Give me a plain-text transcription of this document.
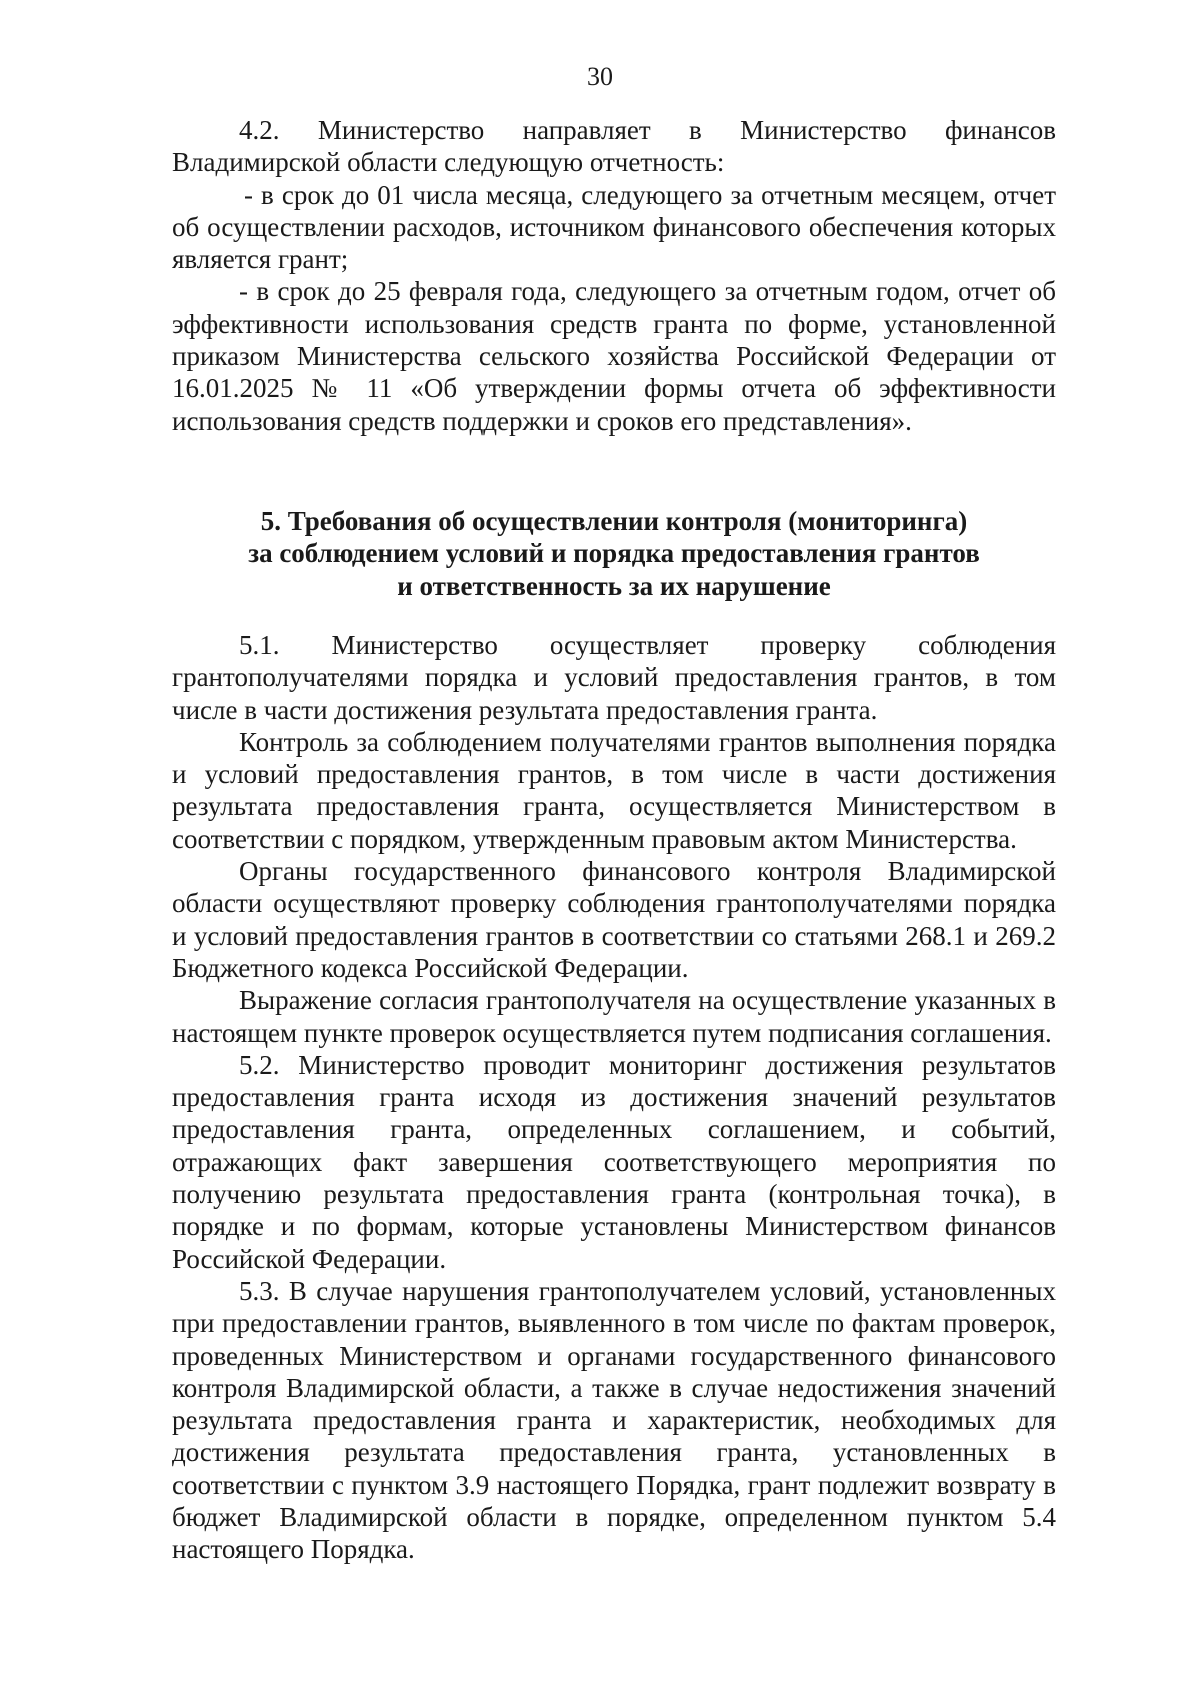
30

4.2. Министерство направляет в Министерство финансов Владимирской области следующую отчетность:

- в срок до 01 числа месяца, следующего за отчетным месяцем, отчет об осуществлении расходов, источником финансового обеспечения которых является грант;

- в срок до 25 февраля года, следующего за отчетным годом, отчет об эффективности использования средств гранта по форме, установленной приказом Министерства сельского хозяйства Российской Федерации от 16.01.2025 № 11 «Об утверждении формы отчета об эффективности использования средств поддержки и сроков его представления».

5. Требования об осуществлении контроля (мониторинга)
за соблюдением условий и порядка предоставления грантов
и ответственность за их нарушение

5.1. Министерство осуществляет проверку соблюдения грантополучателями порядка и условий предоставления грантов, в том числе в части достижения результата предоставления гранта.

Контроль за соблюдением получателями грантов выполнения порядка и условий предоставления грантов, в том числе в части достижения результата предоставления гранта, осуществляется Министерством в соответствии с порядком, утвержденным правовым актом Министерства.

Органы государственного финансового контроля Владимирской области осуществляют проверку соблюдения грантополучателями порядка и условий предоставления грантов в соответствии со статьями 268.1 и 269.2 Бюджетного кодекса Российской Федерации.

Выражение согласия грантополучателя на осуществление указанных в настоящем пункте проверок осуществляется путем подписания соглашения.

5.2. Министерство проводит мониторинг достижения результатов предоставления гранта исходя из достижения значений результатов предоставления гранта, определенных соглашением, и событий, отражающих факт завершения соответствующего мероприятия по получению результата предоставления гранта (контрольная точка), в порядке и по формам, которые установлены Министерством финансов Российской Федерации.

5.3. В случае нарушения грантополучателем условий, установленных при предоставлении грантов, выявленного в том числе по фактам проверок, проведенных Министерством и органами государственного финансового контроля Владимирской области, а также в случае недостижения значений результата предоставления гранта и характеристик, необходимых для достижения результата предоставления гранта, установленных в соответствии с пунктом 3.9 настоящего Порядка, грант подлежит возврату в бюджет Владимирской области в порядке, определенном пунктом 5.4 настоящего Порядка.
